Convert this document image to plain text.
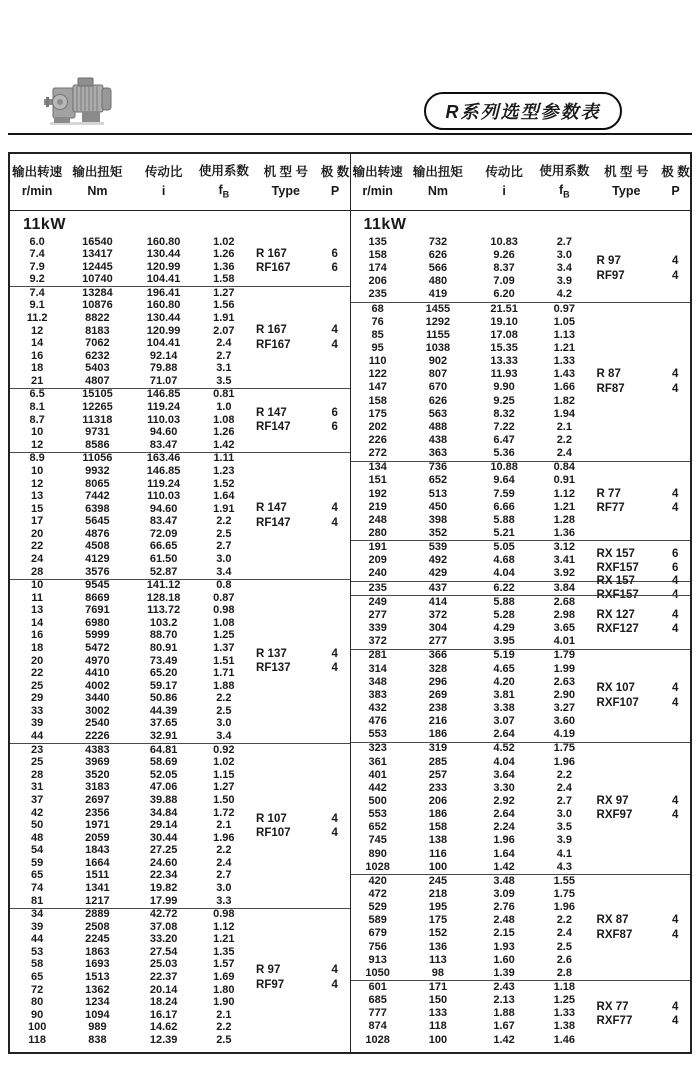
R系列选型参数表
输出转速
r/min
输出扭矩
Nm
传动比
i
使用系数
$f_B$
机 型 号
Type
极 数
P
11kW
6.0	16540	160.80	1.02
7.4	13417	130.44	1.26
7.9	12445	120.99	1.36
9.2	10740	104.41	1.58
R 167	6
RF167	6
7.4	13284	196.41	1.27
9.1	10876	160.80	1.56
11.2	8822	130.44	1.91
12	8183	120.99	2.07
14	7062	104.41	2.4
16	6232	92.14	2.7
18	5403	79.88	3.1
21	4807	71.07	3.5
R 167	4
RF167	4
6.5	15105	146.85	0.81
8.1	12265	119.24	1.0
8.7	11318	110.03	1.08
10	9731	94.60	1.26
12	8586	83.47	1.42
R 147	6
RF147	6
8.9	11056	163.46	1.11
10	9932	146.85	1.23
12	8065	119.24	1.52
13	7442	110.03	1.64
15	6398	94.60	1.91
17	5645	83.47	2.2
20	4876	72.09	2.5
22	4508	66.65	2.7
24	4129	61.50	3.0
28	3576	52.87	3.4
R 147	4
RF147	4
10	9545	141.12	0.8
11	8669	128.18	0.87
13	7691	113.72	0.98
14	6980	103.2	1.08
16	5999	88.70	1.25
18	5472	80.91	1.37
20	4970	73.49	1.51
22	4410	65.20	1.71
25	4002	59.17	1.88
29	3440	50.86	2.2
33	3002	44.39	2.5
39	2540	37.65	3.0
44	2226	32.91	3.4
R 137	4
RF137	4
23	4383	64.81	0.92
25	3969	58.69	1.02
28	3520	52.05	1.15
31	3183	47.06	1.27
37	2697	39.88	1.50
42	2356	34.84	1.72
50	1971	29.14	2.1
48	2059	30.44	1.96
54	1843	27.25	2.2
59	1664	24.60	2.4
65	1511	22.34	2.7
74	1341	19.82	3.0
81	1217	17.99	3.3
R 107	4
RF107	4
34	2889	42.72	0.98
39	2508	37.08	1.12
44	2245	33.20	1.21
53	1863	27.54	1.35
58	1693	25.03	1.57
65	1513	22.37	1.69
72	1362	20.14	1.80
80	1234	18.24	1.90
90	1094	16.17	2.1
100	989	14.62	2.2
118	838	12.39	2.5
R 97	4
RF97	4
输出转速
r/min
输出扭矩
Nm
传动比
i
使用系数
$f_B$
机 型 号
Type
极 数
P
11kW
135	732	10.83	2.7
158	626	9.26	3.0
174	566	8.37	3.4
206	480	7.09	3.9
235	419	6.20	4.2
R 97	4
RF97	4
68	1455	21.51	0.97
76	1292	19.10	1.05
85	1155	17.08	1.13
95	1038	15.35	1.21
110	902	13.33	1.33
122	807	11.93	1.43
147	670	9.90	1.66
158	626	9.25	1.82
175	563	8.32	1.94
202	488	7.22	2.1
226	438	6.47	2.2
272	363	5.36	2.4
R 87	4
RF87	4
134	736	10.88	0.84
151	652	9.64	0.91
192	513	7.59	1.12
219	450	6.66	1.21
248	398	5.88	1.28
280	352	5.21	1.36
R 77	4
RF77	4
191	539	5.05	3.12
209	492	4.68	3.41
240	429	4.04	3.92
RX 157	6
RXF157	6
235	437	6.22	3.84
RX 157	4
RXF157	4
249	414	5.88	2.68
277	372	5.28	2.98
339	304	4.29	3.65
372	277	3.95	4.01
RX 127	4
RXF127	4
281	366	5.19	1.79
314	328	4.65	1.99
348	296	4.20	2.63
383	269	3.81	2.90
432	238	3.38	3.27
476	216	3.07	3.60
553	186	2.64	4.19
RX 107	4
RXF107	4
323	319	4.52	1.75
361	285	4.04	1.96
401	257	3.64	2.2
442	233	3.30	2.4
500	206	2.92	2.7
553	186	2.64	3.0
652	158	2.24	3.5
745	138	1.96	3.9
890	116	1.64	4.1
1028	100	1.42	4.3
RX 97	4
RXF97	4
420	245	3.48	1.55
472	218	3.09	1.75
529	195	2.76	1.96
589	175	2.48	2.2
679	152	2.15	2.4
756	136	1.93	2.5
913	113	1.60	2.6
1050	98	1.39	2.8
RX 87	4
RXF87	4
601	171	2.43	1.18
685	150	2.13	1.25
777	133	1.88	1.33
874	118	1.67	1.38
1028	100	1.42	1.46
RX 77	4
RXF77	4
